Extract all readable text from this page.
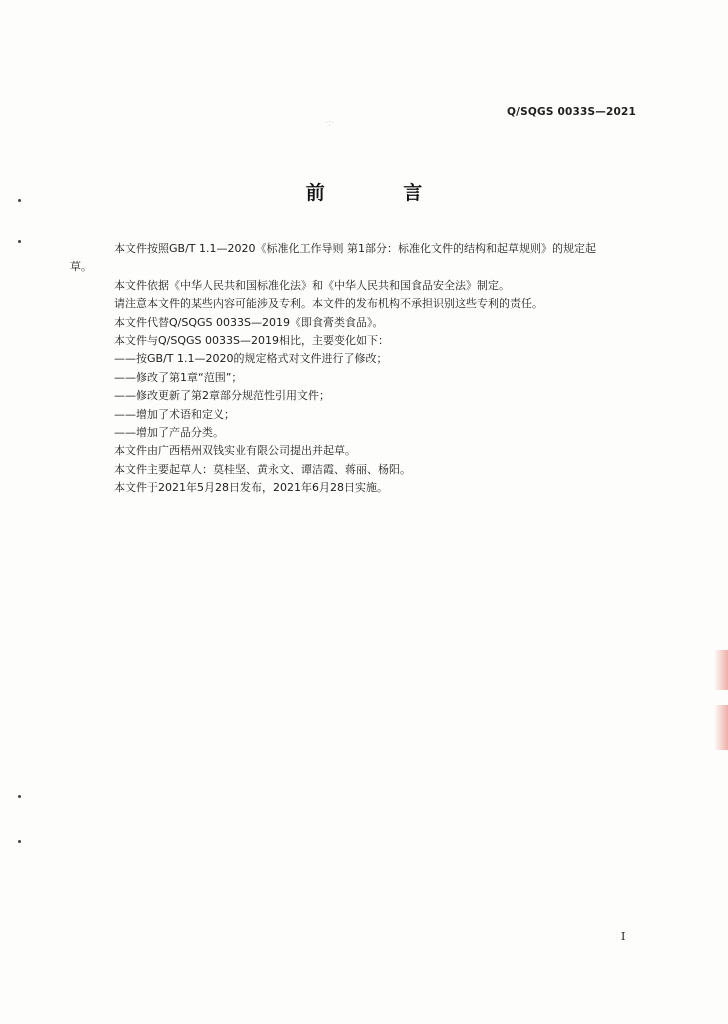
·:·
Q/SQGS 0033S—2021
前 言

本文件按照GB/T 1.1—2020《标准化工作导则 第1部分：标准化文件的结构和起草规则》的规定起

草。

本文件依据《中华人民共和国标准化法》和《中华人民共和国食品安全法》制定。

请注意本文件的某些内容可能涉及专利。本文件的发布机构不承担识别这些专利的责任。

本文件代替Q/SQGS 0033S—2019《即食膏类食品》。

本文件与Q/SQGS 0033S—2019相比，主要变化如下：

——按GB/T 1.1—2020的规定格式对文件进行了修改；

——修改了第1章“范围”；

——修改更新了第2章部分规范性引用文件；

——增加了术语和定义；

——增加了产品分类。

本文件由广西梧州双钱实业有限公司提出并起草。

本文件主要起草人：莫桂坚、黄永文、谭洁霞、蒋丽、杨阳。

本文件于2021年5月28日发布，2021年6月28日实施。

I
